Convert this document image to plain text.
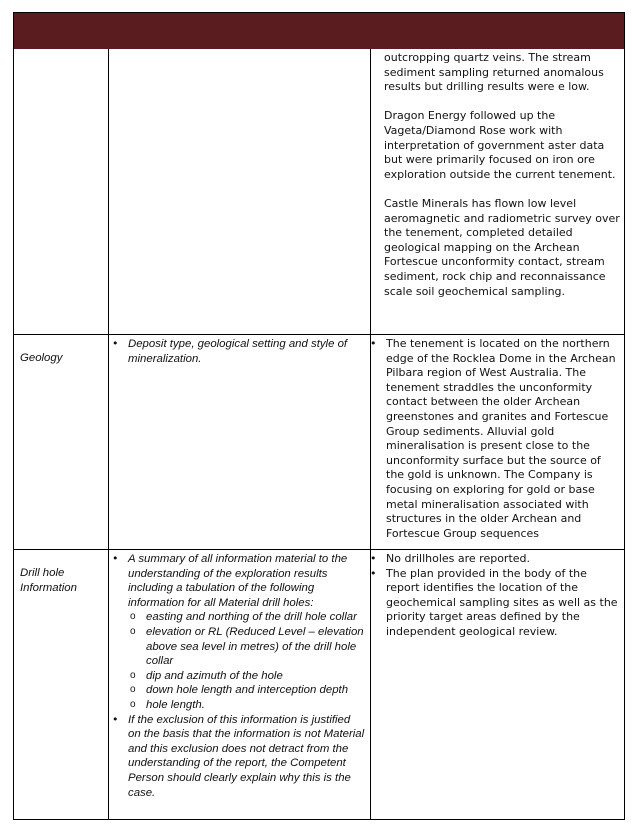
outcropping quartz veins. The stream sediment sampling returned anomalous results but drilling results were e low.

Dragon Energy followed up the Vageta/Diamond Rose work with interpretation of government aster data but were primarily focused on iron ore exploration outside the current tenement.

Castle Minerals has flown low level aeromagnetic and radiometric survey over the tenement, completed detailed geological mapping on the Archean Fortescue unconformity contact, stream sediment, rock chip and reconnaissance scale soil geochemical sampling.

Geology
• Deposit type, geological setting and style of mineralization.
• The tenement is located on the northern edge of the Rocklea Dome in the Archean Pilbara region of West Australia. The tenement straddles the unconformity contact between the older Archean greenstones and granites and Fortescue Group sediments. Alluvial gold mineralisation is present close to the unconformity surface but the source of the gold is unknown. The Company is focusing on exploring for gold or base metal mineralisation associated with structures in the older Archean and Fortescue Group sequences
Drill hole Information
• A summary of all information material to the understanding of the exploration results including a tabulation of the following information for all Material drill holes:
o easting and northing of the drill hole collar
o elevation or RL (Reduced Level – elevation above sea level in metres) of the drill hole collar
o dip and azimuth of the hole
o down hole length and interception depth
o hole length.
• If the exclusion of this information is justified on the basis that the information is not Material and this exclusion does not detract from the understanding of the report, the Competent Person should clearly explain why this is the case.
• No drillholes are reported.
• The plan provided in the body of the report identifies the location of the geochemical sampling sites as well as the priority target areas defined by the independent geological review.
